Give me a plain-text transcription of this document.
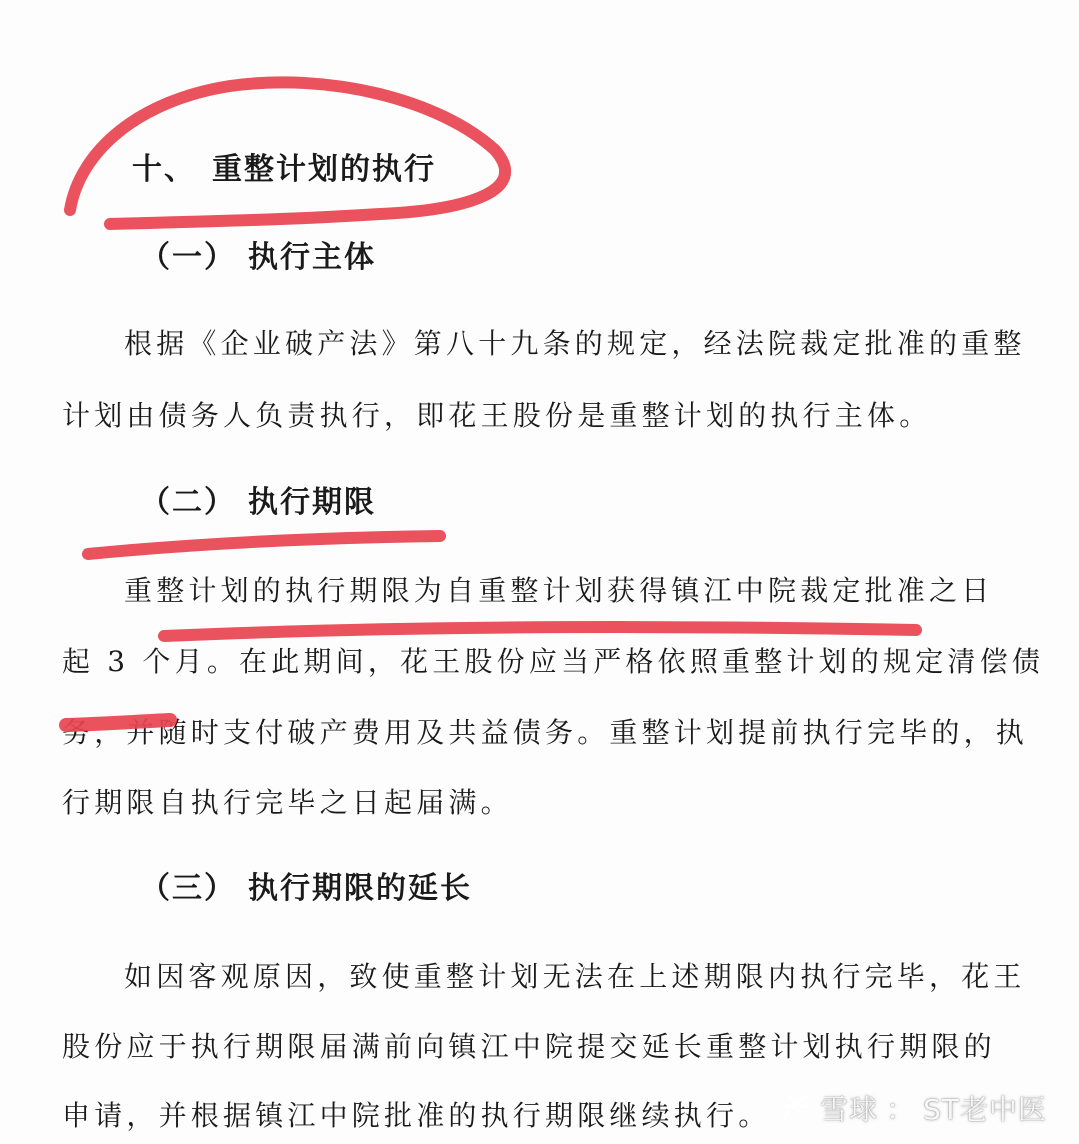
十、 重整计划的执行
（一） 执行主体
根据《企业破产法》第八十九条的规定，经法院裁定批准的重整
计划由债务人负责执行，即花王股份是重整计划的执行主体。
（二） 执行期限
重整计划的执行期限为自重整计划获得镇江中院裁定批准之日
起 3 个月。在此期间，花王股份应当严格依照重整计划的规定清偿债
务，并随时支付破产费用及共益债务。重整计划提前执行完毕的，执
行期限自执行完毕之日起届满。
（三） 执行期限的延长
如因客观原因，致使重整计划无法在上述期限内执行完毕，花王
股份应于执行期限届满前向镇江中院提交延长重整计划执行期限的
申请，并根据镇江中院批准的执行期限继续执行。 雪球 ： ST老中医
